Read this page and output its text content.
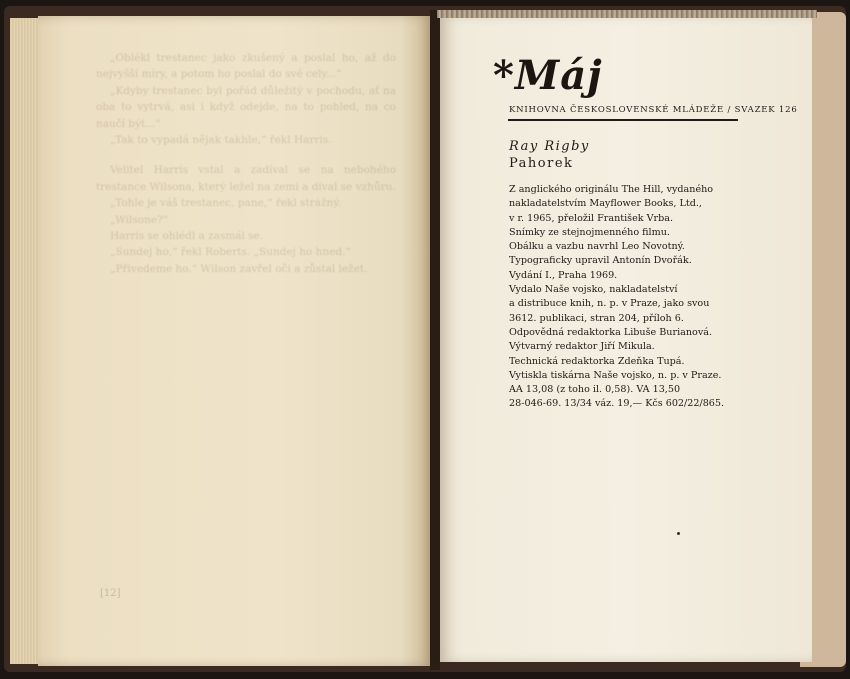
„Oblékl trestanec jako zkušený a poslal ho, až do nejvyšší míry, a potom ho poslal do své cely...“

„Kdyby trestanec byl pořád důležitý v pochodu, ať na oba to vytrvá, asi i když odejde, na to pohled, na co naučí být...“

„Tak to vypadá nějak takhle,“ řekl Harris.

Velitel Harris vstal a zadíval se na nebohého trestance Wilsona, který ležel na zemi a díval se vzhůru.

„Tohle je váš trestanec, pane,“ řekl strážný.

„Wilsone?“

Harris se ohlédl a zasmál se.

„Sundej ho,“ řekl Roberts. „Sundej ho hned.“

„Přivedeme ho.“ Wilson zavřel oči a zůstal ležet.

[12]
*Máj
KNIHOVNA ČESKOSLOVENSKÉ MLÁDEŽE / SVAZEK 126
Ray Rigby
Pahorek
Z anglického originálu The Hill, vydaného
nakladatelstvím Mayflower Books, Ltd.,
v r. 1965, přeložil František Vrba.
Snímky ze stejnojmenného filmu.
Obálku a vazbu navrhl Leo Novotný.
Typograficky upravil Antonín Dvořák.
Vydání I., Praha 1969.
Vydalo Naše vojsko, nakladatelství
a distribuce knih, n. p. v Praze, jako svou
3612. publikaci, stran 204, příloh 6.
Odpovědná redaktorka Libuše Burianová.
Výtvarný redaktor Jiří Mikula.
Technická redaktorka Zdeňka Tupá.
Vytiskla tiskárna Naše vojsko, n. p. v Praze.
AA 13,08 (z toho il. 0,58). VA 13,50
28-046-69. 13/34 váz. 19,— Kčs 602/22/865.
